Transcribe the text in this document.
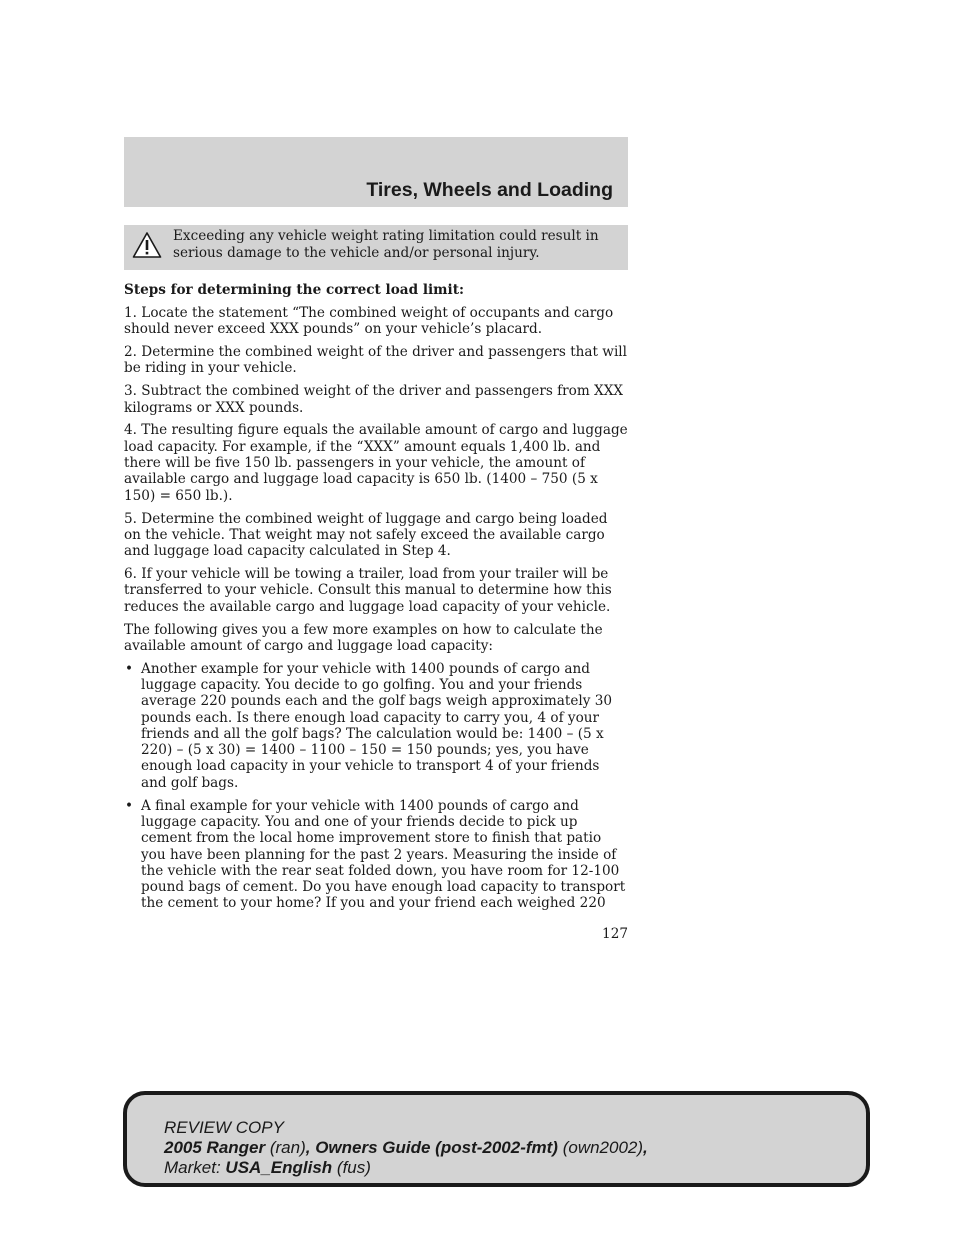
Tires, Wheels and Loading

Exceeding any vehicle weight rating limitation could result in serious damage to the vehicle and/or personal injury.

Steps for determining the correct load limit:

1. Locate the statement “The combined weight of occupants and cargo should never exceed XXX pounds” on your vehicle’s placard.

2. Determine the combined weight of the driver and passengers that will be riding in your vehicle.

3. Subtract the combined weight of the driver and passengers from XXX kilograms or XXX pounds.

4. The resulting figure equals the available amount of cargo and luggage load capacity. For example, if the “XXX” amount equals 1,400 lb. and there will be five 150 lb. passengers in your vehicle, the amount of available cargo and luggage load capacity is 650 lb. (1400 – 750 (5 x 150) = 650 lb.).

5. Determine the combined weight of luggage and cargo being loaded on the vehicle. That weight may not safely exceed the available cargo and luggage load capacity calculated in Step 4.

6. If your vehicle will be towing a trailer, load from your trailer will be transferred to your vehicle. Consult this manual to determine how this reduces the available cargo and luggage load capacity of your vehicle.

The following gives you a few more examples on how to calculate the available amount of cargo and luggage load capacity:

• Another example for your vehicle with 1400 pounds of cargo and luggage capacity. You decide to go golfing. You and your friends average 220 pounds each and the golf bags weigh approximately 30 pounds each. Is there enough load capacity to carry you, 4 of your friends and all the golf bags? The calculation would be: 1400 – (5 x 220) – (5 x 30) = 1400 – 1100 – 150 = 150 pounds; yes, you have enough load capacity in your vehicle to transport 4 of your friends and golf bags.
• A final example for your vehicle with 1400 pounds of cargo and luggage capacity. You and one of your friends decide to pick up cement from the local home improvement store to finish that patio you have been planning for the past 2 years. Measuring the inside of the vehicle with the rear seat folded down, you have room for 12-100 pound bags of cement. Do you have enough load capacity to transport the cement to your home? If you and your friend each weighed 220

127

REVIEW COPY
2005 Ranger (ran), Owners Guide (post-2002-fmt) (own2002),
Market: USA_English (fus)
